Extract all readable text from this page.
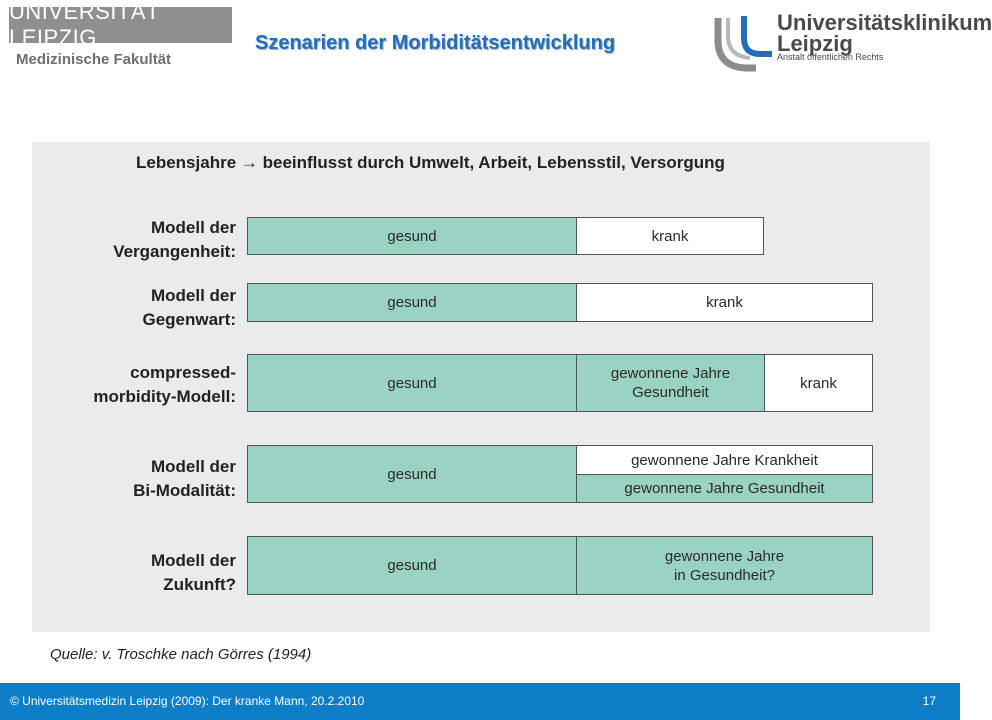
UNIVERSITÄT LEIPZIG
Medizinische Fakultät
Szenarien der Morbiditätsentwicklung
Universitätsklinikum
Leipzig
Anstalt öffentlichen Rechts
Lebensjahre → beeinflusst durch Umwelt, Arbeit, Lebensstil, Versorgung
Modell der
Vergangenheit:
gesund	krank
Modell der
Gegenwart:
gesund	krank
compressed-
morbidity-Modell:
gesund
gewonnene Jahre
Gesundheit
krank
Modell der
Bi-Modalität:
gesund
gewonnene Jahre Krankheit
gewonnene Jahre Gesundheit
Modell der
Zukunft?
gesund
gewonnene Jahre
in Gesundheit?
Quelle: v. Troschke nach Görres (1994)
© Universitätsmedizin Leipzig (2009): Der kranke Mann, 20.2.2010	17
